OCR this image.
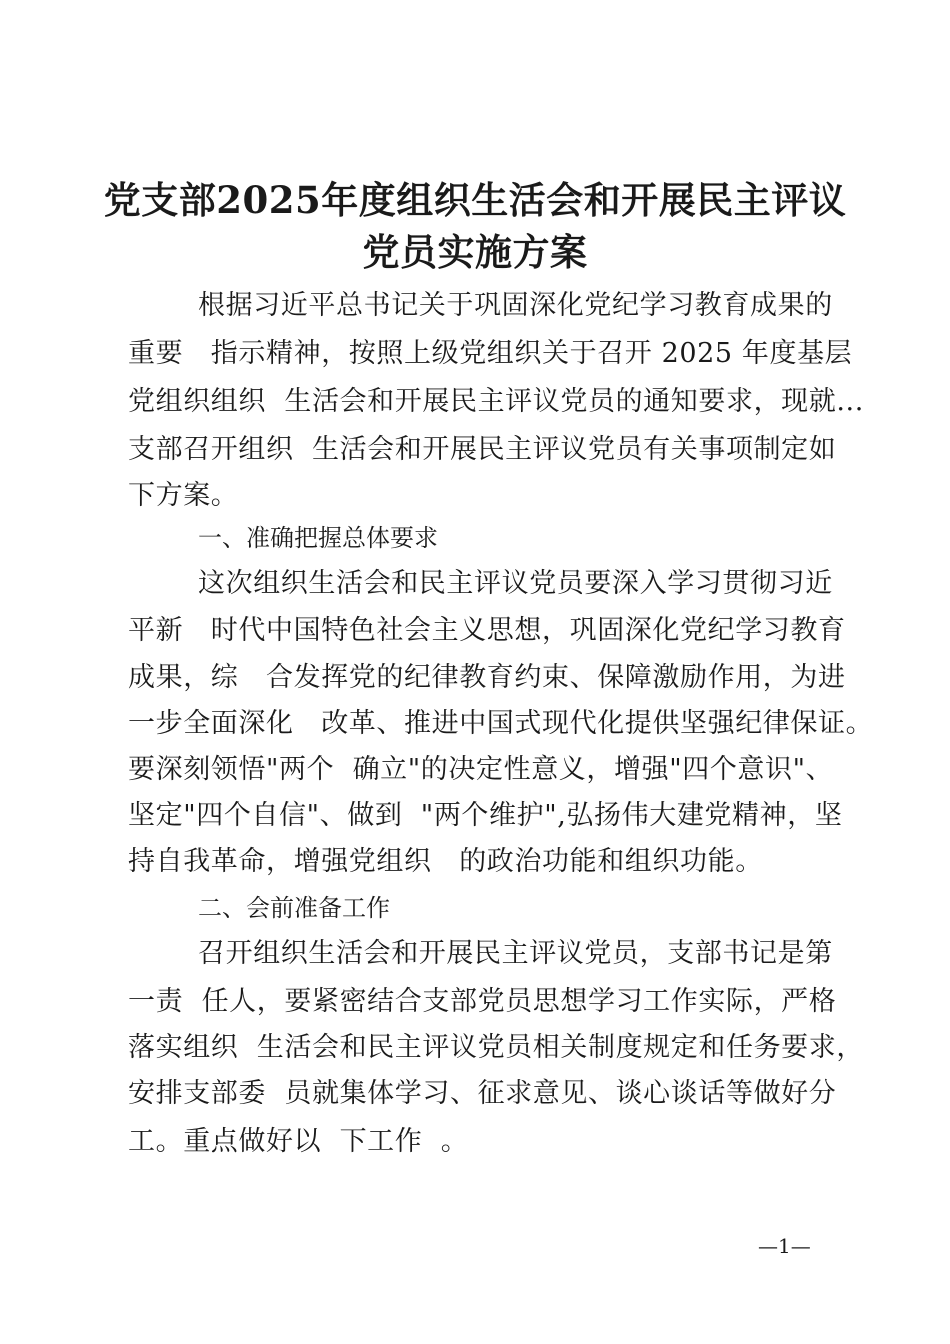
党支部2025年度组织生活会和开展民主评议
党员实施方案
根据习近平总书记关于巩固深化党纪学习教育成果的
重要　指示精神，按照上级党组织关于召开 2025 年度基层
党组织组织  生活会和开展民主评议党员的通知要求，现就...
支部召开组织  生活会和开展民主评议党员有关事项制定如
下方案。
一、准确把握总体要求
这次组织生活会和民主评议党员要深入学习贯彻习近
平新　时代中国特色社会主义思想，巩固深化党纪学习教育
成果，综　合发挥党的纪律教育约束、保障激励作用，为进
一步全面深化　改革、推进中国式现代化提供坚强纪律保证。
要深刻领悟"两个  确立"的决定性意义，增强"四个意识"、
坚定"四个自信"、做到  "两个维护",弘扬伟大建党精神，坚
持自我革命，增强党组织　的政治功能和组织功能。
二、会前准备工作
召开组织生活会和开展民主评议党员，支部书记是第
一责  任人，要紧密结合支部党员思想学习工作实际，严格
落实组织  生活会和民主评议党员相关制度规定和任务要求，
安排支部委  员就集体学习、征求意见、谈心谈话等做好分
工。重点做好以  下工作  。
—1—
